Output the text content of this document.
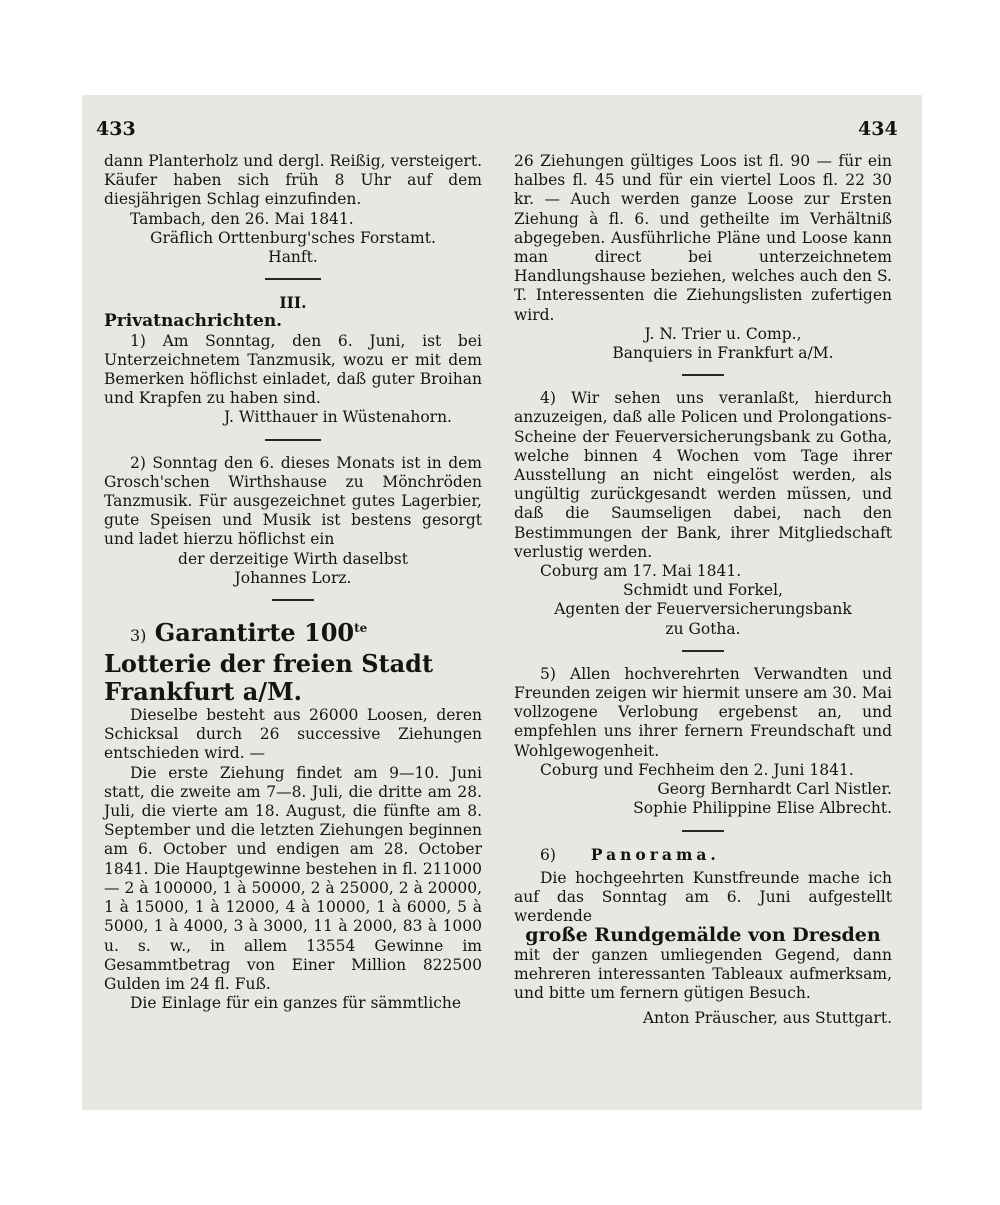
433	434

dann Planterholz und dergl. Reißig, versteigert. Käufer haben sich früh 8 Uhr auf dem diesjährigen Schlag einzufinden.

Tambach, den 26. Mai 1841.

Gräflich Orttenburg'sches Forstamt.

Hanft.

III.

Privatnachrichten.

1) Am Sonntag, den 6. Juni, ist bei Unterzeichnetem Tanzmusik, wozu er mit dem Bemerken höflichst einladet, daß guter Broihan und Krapfen zu haben sind.

J. Witthauer in Wüstenahorn.

2) Sonntag den 6. dieses Monats ist in dem Grosch'schen Wirthshause zu Mönchröden Tanzmusik. Für ausgezeichnet gutes Lagerbier, gute Speisen und Musik ist bestens gesorgt und ladet hierzu höflichst ein

der derzeitige Wirth daselbst

Johannes Lorz.

3) Garantirte $100^{te}$ Lotterie der freien Stadt Frankfurt a/M.

Dieselbe besteht aus 26000 Loosen, deren Schicksal durch 26 successive Ziehungen entschieden wird. —

Die erste Ziehung findet am 9—10. Juni statt, die zweite am 7—8. Juli, die dritte am 28. Juli, die vierte am 18. August, die fünfte am 8. September und die letzten Ziehungen beginnen am 6. October und endigen am 28. October 1841. Die Hauptgewinne bestehen in fl. 211000 — 2 à 100000, 1 à 50000, 2 à 25000, 2 à 20000, 1 à 15000, 1 à 12000, 4 à 10000, 1 à 6000, 5 à 5000, 1 à 4000, 3 à 3000, 11 à 2000, 83 à 1000 u. s. w., in allem 13554 Gewinne im Gesammtbetrag von Einer Million 822500 Gulden im 24 fl. Fuß.

Die Einlage für ein ganzes für sämmtliche

26 Ziehungen gültiges Loos ist fl. 90 — für ein halbes fl. 45 und für ein viertel Loos fl. 22 30 kr. — Auch werden ganze Loose zur Ersten Ziehung à fl. 6. und getheilte im Verhältniß abgegeben. Ausführliche Pläne und Loose kann man direct bei unterzeichnetem Handlungshause beziehen, welches auch den S. T. Interessenten die Ziehungslisten zufertigen wird.

J. N. Trier u. Comp.,

Banquiers in Frankfurt a/M.

4) Wir sehen uns veranlaßt, hierdurch anzuzeigen, daß alle Policen und Prolongations-Scheine der Feuerversicherungsbank zu Gotha, welche binnen 4 Wochen vom Tage ihrer Ausstellung an nicht eingelöst werden, als ungültig zurückgesandt werden müssen, und daß die Saumseligen dabei, nach den Bestimmungen der Bank, ihrer Mitgliedschaft verlustig werden.

Coburg am 17. Mai 1841.

Schmidt und Forkel,

Agenten der Feuerversicherungsbank

zu Gotha.

5) Allen hochverehrten Verwandten und Freunden zeigen wir hiermit unsere am 30. Mai vollzogene Verlobung ergebenst an, und empfehlen uns ihrer fernern Freundschaft und Wohlgewogenheit.

Coburg und Fechheim den 2. Juni 1841.

Georg Bernhardt Carl Nistler.

Sophie Philippine Elise Albrecht.

6) Panorama.

Die hochgeehrten Kunstfreunde mache ich auf das Sonntag am 6. Juni aufgestellt werdende

große Rundgemälde von Dresden

mit der ganzen umliegenden Gegend, dann mehreren interessanten Tableaux aufmerksam, und bitte um fernern gütigen Besuch.

Anton Präuscher, aus Stuttgart.
